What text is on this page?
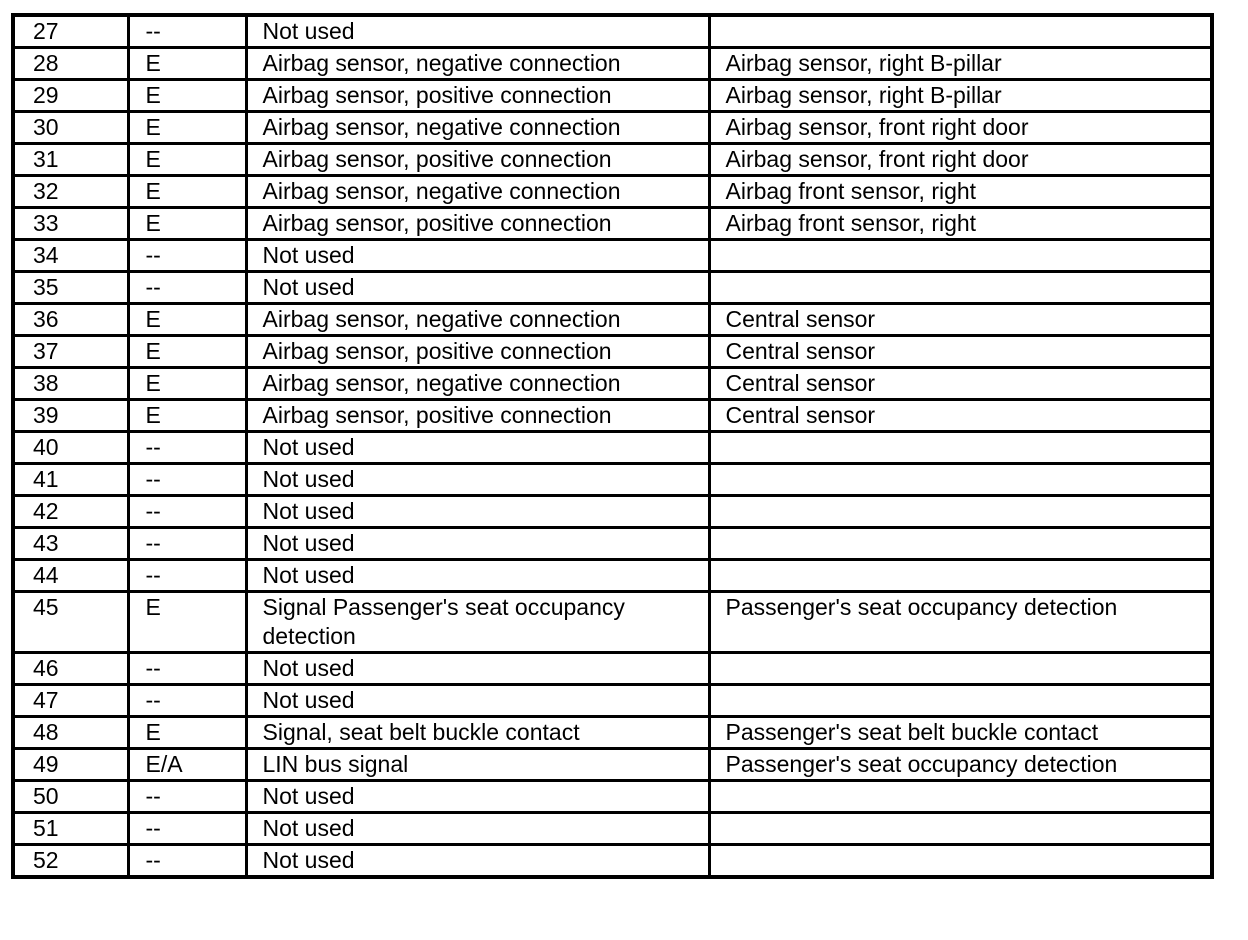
27	--	Not used	
28	E	Airbag sensor, negative connection	Airbag sensor, right B-pillar
29	E	Airbag sensor, positive connection	Airbag sensor, right B-pillar
30	E	Airbag sensor, negative connection	Airbag sensor, front right door
31	E	Airbag sensor, positive connection	Airbag sensor, front right door
32	E	Airbag sensor, negative connection	Airbag front sensor, right
33	E	Airbag sensor, positive connection	Airbag front sensor, right
34	--	Not used	
35	--	Not used	
36	E	Airbag sensor, negative connection	Central sensor
37	E	Airbag sensor, positive connection	Central sensor
38	E	Airbag sensor, negative connection	Central sensor
39	E	Airbag sensor, positive connection	Central sensor
40	--	Not used	
41	--	Not used	
42	--	Not used	
43	--	Not used	
44	--	Not used	
45	E	Signal Passenger's seat occupancy detection	Passenger's seat occupancy detection
46	--	Not used	
47	--	Not used	
48	E	Signal, seat belt buckle contact	Passenger's seat belt buckle contact
49	E/A	LIN bus signal	Passenger's seat occupancy detection
50	--	Not used	
51	--	Not used	
52	--	Not used	
